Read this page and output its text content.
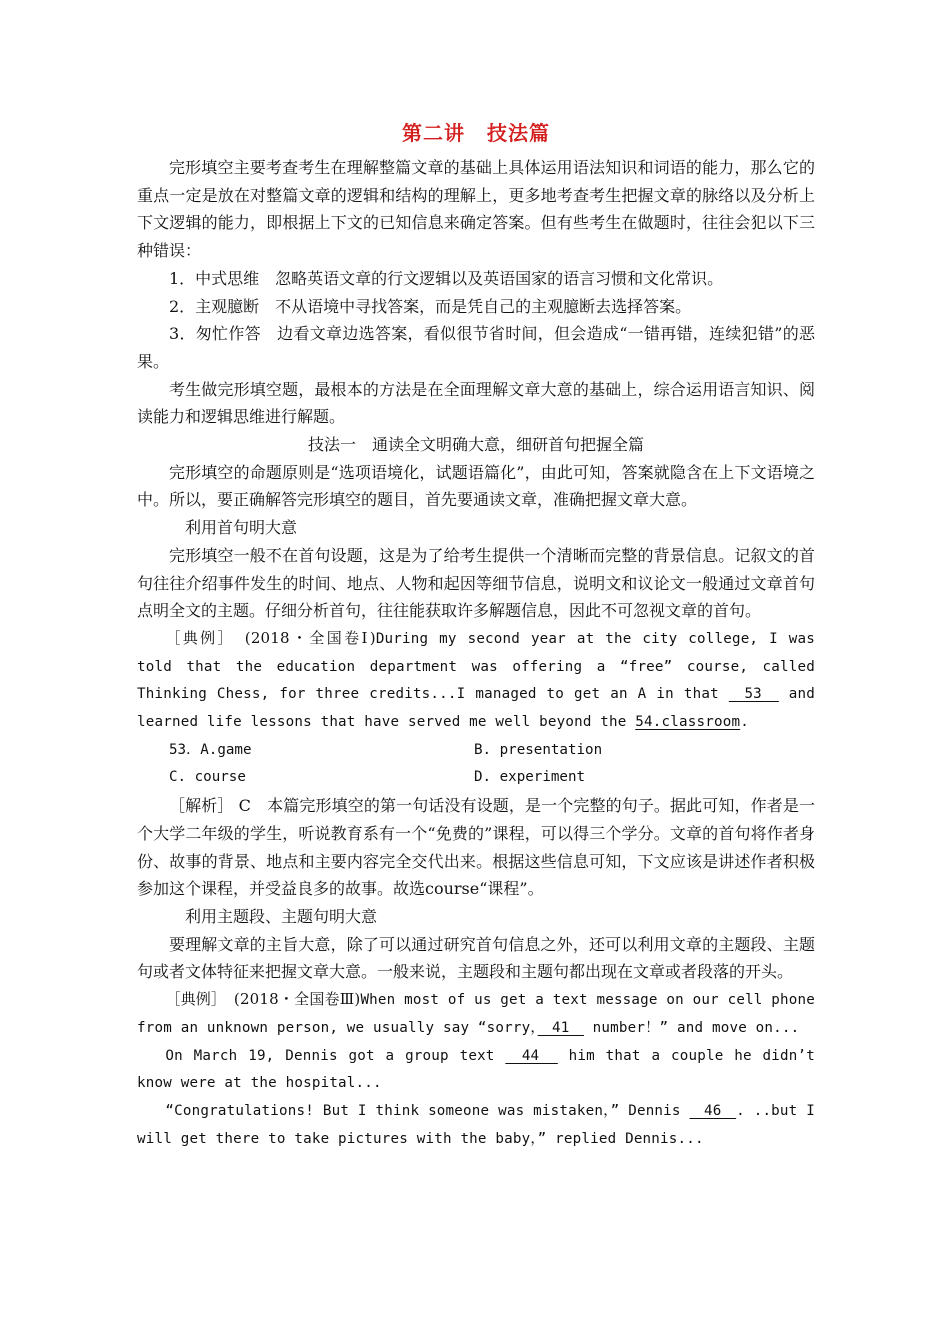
第二讲 技法篇

完形填空主要考查考生在理解整篇文章的基础上具体运用语法知识和词语的能力，那么它的重点一定是放在对整篇文章的逻辑和结构的理解上，更多地考查考生把握文章的脉络以及分析上下文逻辑的能力，即根据上下文的已知信息来确定答案。但有些考生在做题时，往往会犯以下三种错误：

1．中式思维　忽略英语文章的行文逻辑以及英语国家的语言习惯和文化常识。

2．主观臆断　不从语境中寻找答案，而是凭自己的主观臆断去选择答案。

3．匆忙作答　边看文章边选答案，看似很节省时间，但会造成“一错再错，连续犯错”的恶果。

考生做完形填空题，最根本的方法是在全面理解文章大意的基础上，综合运用语言知识、阅读能力和逻辑思维进行解题。

技法一　通读全文明确大意，细研首句把握全篇

完形填空的命题原则是“选项语境化，试题语篇化”，由此可知，答案就隐含在上下文语境之中。所以，要正确解答完形填空的题目，首先要通读文章，准确把握文章大意。

利用首句明大意

完形填空一般不在首句设题，这是为了给考生提供一个清晰而完整的背景信息。记叙文的首句往往介绍事件发生的时间、地点、人物和起因等细节信息，说明文和议论文一般通过文章首句点明全文的主题。仔细分析首句，往往能获取许多解题信息，因此不可忽视文章的首句。

［典例］　(2018・全国卷Ⅰ)During my second year at the city college, I was told that the education department was offering a “free” course, called Thinking Chess, for three credits...I managed to get an A in that 　53　 and learned life lessons that have served me well beyond the 54.classroom.

53．A.game	B. presentation
C. course	D. experiment

［解析］ C　本篇完形填空的第一句话没有设题，是一个完整的句子。据此可知，作者是一个大学二年级的学生，听说教育系有一个“免费的”课程，可以得三个学分。文章的首句将作者身份、故事的背景、地点和主要内容完全交代出来。根据这些信息可知，下文应该是讲述作者积极参加这个课程，并受益良多的故事。故选course“课程”。

利用主题段、主题句明大意

要理解文章的主旨大意，除了可以通过研究首句信息之外，还可以利用文章的主题段、主题句或者文体特征来把握文章大意。一般来说，主题段和主题句都出现在文章或者段落的开头。

［典例］　(2018・全国卷Ⅲ)When most of us get a text message on our cell phone from an unknown person, we usually say “sorry，　41　 number！” and move on...

On March 19, Dennis got a group text 　44　 him that a couple he didn’t know were at the hospital...

“Congratulations! But I think someone was mistaken，” Dennis 　46　. ..but I will get there to take pictures with the baby，” replied Dennis...
